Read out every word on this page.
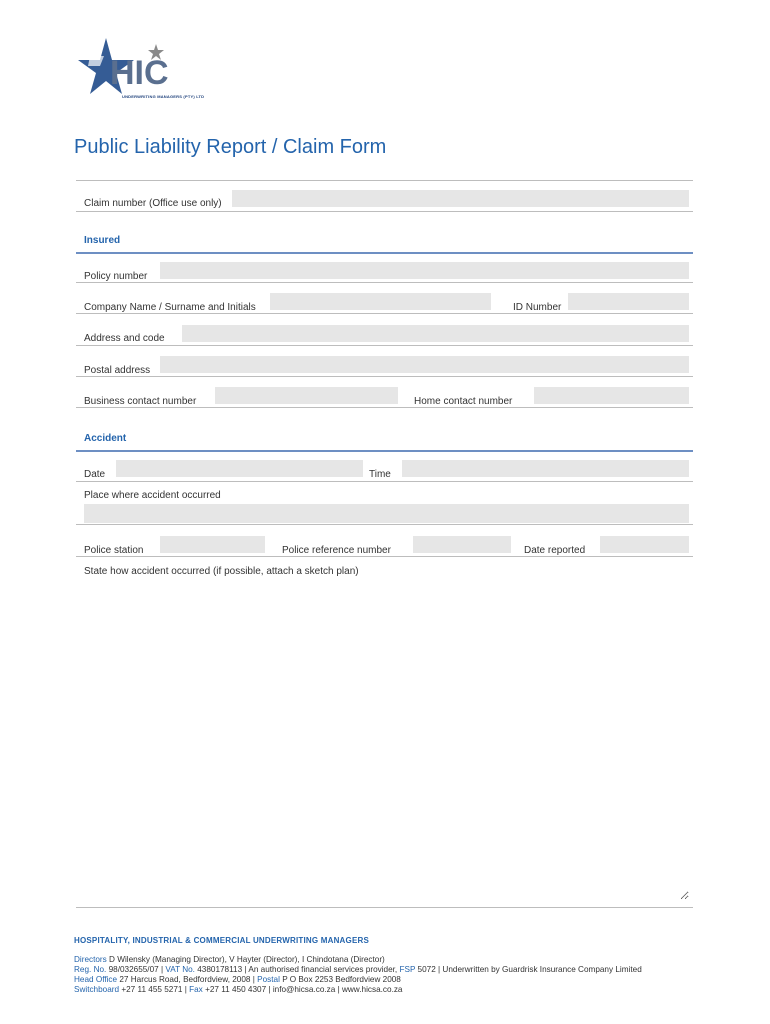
HIC
UNDERWRITING MANAGERS (PTY) LTD
Public Liability Report / Claim Form
Claim number (Office use only)
Insured
Policy number
Company Name / Surname and Initials	ID Number
Address and code
Postal address
Business contact number	Home contact number
Accident
Date	Time
Place where accident occurred
Police station	Police reference number	Date reported
State how accident occurred (if possible, attach a sketch plan)
HOSPITALITY, INDUSTRIAL & COMMERCIAL UNDERWRITING MANAGERS
Directors D Wilensky (Managing Director), V Hayter (Director), I Chindotana (Director)
Reg. No. 98/032655/07 | VAT No. 4380178113 | An authorised financial services provider, FSP 5072 | Underwritten by Guardrisk Insurance Company Limited
Head Office 27 Harcus Road, Bedfordview, 2008 | Postal P O Box 2253 Bedfordview 2008
Switchboard +27 11 455 5271 | Fax +27 11 450 4307 | info@hicsa.co.za | www.hicsa.co.za
